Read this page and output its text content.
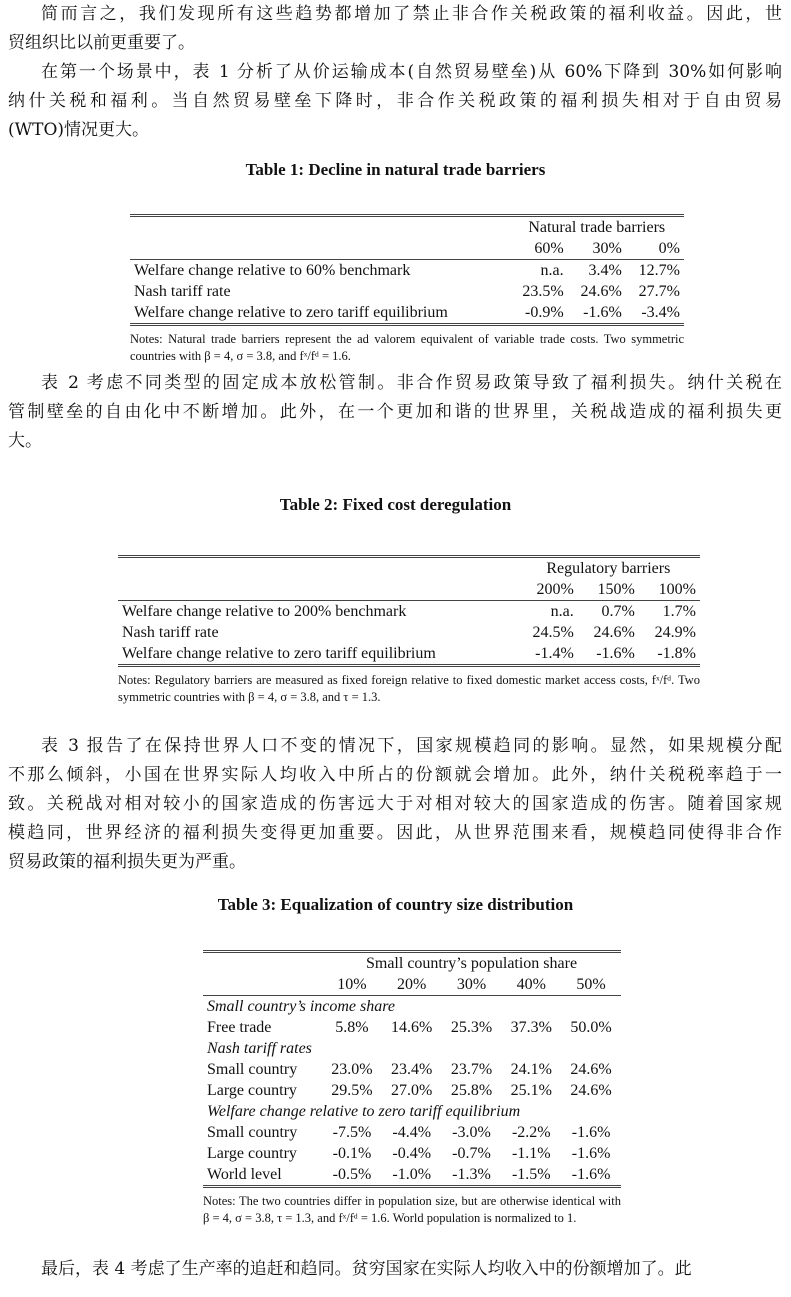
简而言之，我们发现所有这些趋势都增加了禁止非合作关税政策的福利收益。因此，世
贸组织比以前更重要了。
在第一个场景中，表 1 分析了从价运输成本(自然贸易壁垒)从 60%下降到 30%如何影响
纳什关税和福利。当自然贸易壁垒下降时，非合作关税政策的福利损失相对于自由贸易
(WTO)情况更大。
Table 1: Decline in natural trade barriers
	Natural trade barriers		
	60%	30%	0%
Welfare change relative to 60% benchmark	n.a.	3.4%	12.7%
Nash tariff rate	23.5%	24.6%	27.7%
Welfare change relative to zero tariff equilibrium	-0.9%	-1.6%	-3.4%
Notes: Natural trade barriers represent the ad valorem equivalent of variable trade costs. Two symmetric countries with β = 4, σ = 3.8, and fˣ/fᵈ = 1.6.
表 2 考虑不同类型的固定成本放松管制。非合作贸易政策导致了福利损失。纳什关税在
管制壁垒的自由化中不断增加。此外，在一个更加和谐的世界里，关税战造成的福利损失更
大。
Table 2: Fixed cost deregulation
	Regulatory barriers		
	200%	150%	100%
Welfare change relative to 200% benchmark	n.a.	0.7%	1.7%
Nash tariff rate	24.5%	24.6%	24.9%
Welfare change relative to zero tariff equilibrium	-1.4%	-1.6%	-1.8%
Notes: Regulatory barriers are measured as fixed foreign relative to fixed domestic market access costs, fˣ/fᵈ. Two symmetric countries with β = 4, σ = 3.8, and τ = 1.3.
表 3 报告了在保持世界人口不变的情况下，国家规模趋同的影响。显然，如果规模分配
不那么倾斜，小国在世界实际人均收入中所占的份额就会增加。此外，纳什关税税率趋于一
致。关税战对相对较小的国家造成的伤害远大于对相对较大的国家造成的伤害。随着国家规
模趋同，世界经济的福利损失变得更加重要。因此，从世界范围来看，规模趋同使得非合作
贸易政策的福利损失更为严重。
Table 3: Equalization of country size distribution
	Small country’s population share				
	10%	20%	30%	40%	50%
Small country’s income share					
Free trade	5.8%	14.6%	25.3%	37.3%	50.0%
Nash tariff rates					
Small country	23.0%	23.4%	23.7%	24.1%	24.6%
Large country	29.5%	27.0%	25.8%	25.1%	24.6%
Welfare change relative to zero tariff equilibrium					
Small country	-7.5%	-4.4%	-3.0%	-2.2%	-1.6%
Large country	-0.1%	-0.4%	-0.7%	-1.1%	-1.6%
World level	-0.5%	-1.0%	-1.3%	-1.5%	-1.6%
Notes: The two countries differ in population size, but are otherwise identical with β = 4, σ = 3.8, τ = 1.3, and fˣ/fᵈ = 1.6. World population is normalized to 1.
最后，表 4 考虑了生产率的追赶和趋同。贫穷国家在实际人均收入中的份额增加了。此
